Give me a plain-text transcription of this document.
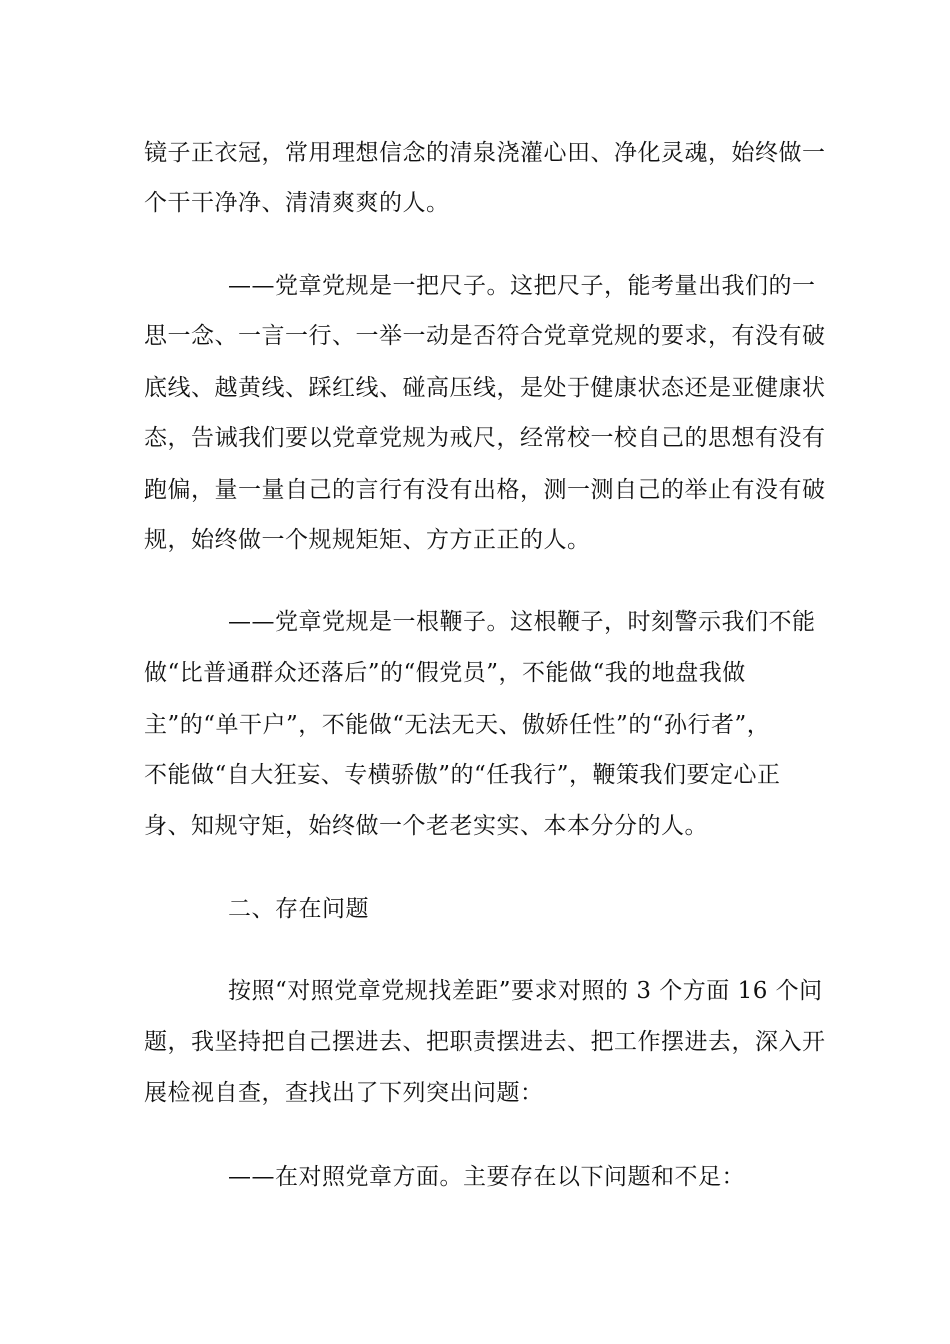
镜子正衣冠，常用理想信念的清泉浇灌心田、净化灵魂，始终做一
个干干净净、清清爽爽的人。
——党章党规是一把尺子。这把尺子，能考量出我们的一
思一念、一言一行、一举一动是否符合党章党规的要求，有没有破
底线、越黄线、踩红线、碰高压线，是处于健康状态还是亚健康状
态，告诫我们要以党章党规为戒尺，经常校一校自己的思想有没有
跑偏，量一量自己的言行有没有出格，测一测自己的举止有没有破
规，始终做一个规规矩矩、方方正正的人。
——党章党规是一根鞭子。这根鞭子，时刻警示我们不能
做“比普通群众还落后”的“假党员”，不能做“我的地盘我做
主”的“单干户”，不能做“无法无天、傲娇任性”的“孙行者”，
不能做“自大狂妄、专横骄傲”的“任我行”，鞭策我们要定心正
身、知规守矩，始终做一个老老实实、本本分分的人。
二、存在问题
按照“对照党章党规找差距”要求对照的 3 个方面 16 个问
题，我坚持把自己摆进去、把职责摆进去、把工作摆进去，深入开
展检视自查，查找出了下列突出问题：
——在对照党章方面。主要存在以下问题和不足：
